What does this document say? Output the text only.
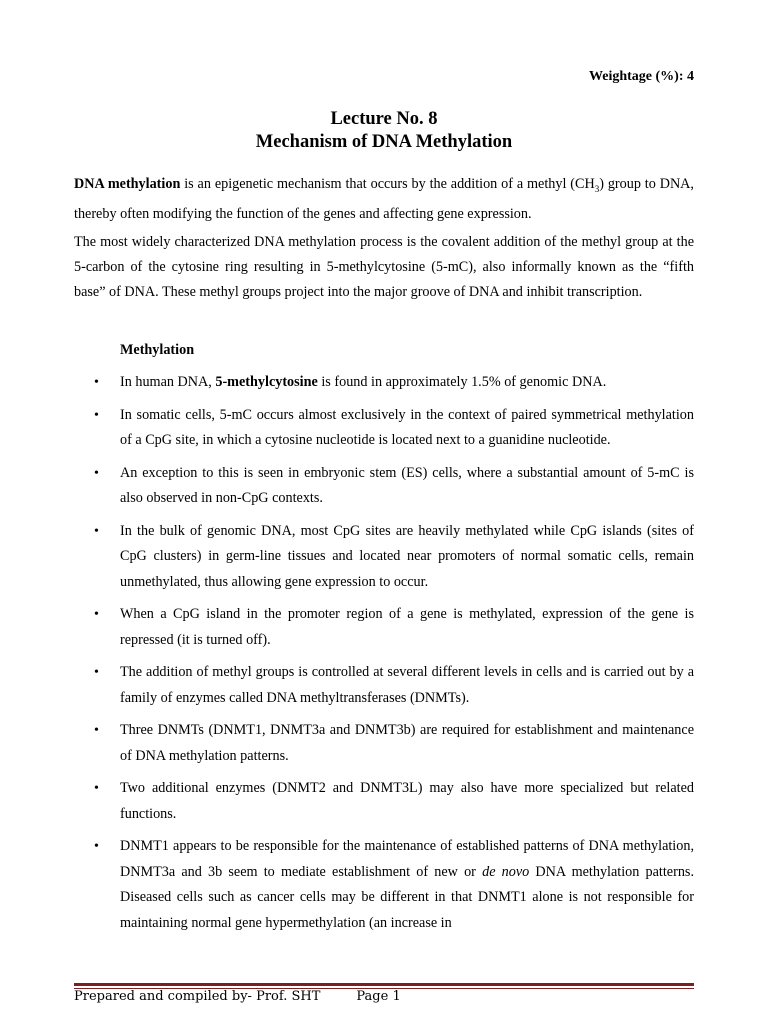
Weightage (%): 4
Lecture No. 8
Mechanism of DNA Methylation

DNA methylation is an epigenetic mechanism that occurs by the addition of a methyl $(CH_3)$ group to DNA, thereby often modifying the function of the genes and affecting gene expression.

The most widely characterized DNA methylation process is the covalent addition of the methyl group at the 5-carbon of the cytosine ring resulting in 5-methylcytosine (5-mC), also informally known as the “fifth base” of DNA. These methyl groups project into the major groove of DNA and inhibit transcription.

Methylation
• In human DNA, 5-methylcytosine is found in approximately 1.5% of genomic DNA.
• In somatic cells, 5-mC occurs almost exclusively in the context of paired symmetrical methylation of a CpG site, in which a cytosine nucleotide is located next to a guanidine nucleotide.
• An exception to this is seen in embryonic stem (ES) cells, where a substantial amount of 5-mC is also observed in non-CpG contexts.
• In the bulk of genomic DNA, most CpG sites are heavily methylated while CpG islands (sites of CpG clusters) in germ-line tissues and located near promoters of normal somatic cells, remain unmethylated, thus allowing gene expression to occur.
• When a CpG island in the promoter region of a gene is methylated, expression of the gene is repressed (it is turned off).
• The addition of methyl groups is controlled at several different levels in cells and is carried out by a family of enzymes called DNA methyltransferases (DNMTs).
• Three DNMTs (DNMT1, DNMT3a and DNMT3b) are required for establishment and maintenance of DNA methylation patterns.
• Two additional enzymes (DNMT2 and DNMT3L) may also have more specialized but related functions.
• DNMT1 appears to be responsible for the maintenance of established patterns of DNA methylation, DNMT3a and 3b seem to mediate establishment of new or de novo DNA methylation patterns. Diseased cells such as cancer cells may be different in that DNMT1 alone is not responsible for maintaining normal gene hypermethylation (an increase in
Prepared and compiled by- Prof. SHT	Page 1
